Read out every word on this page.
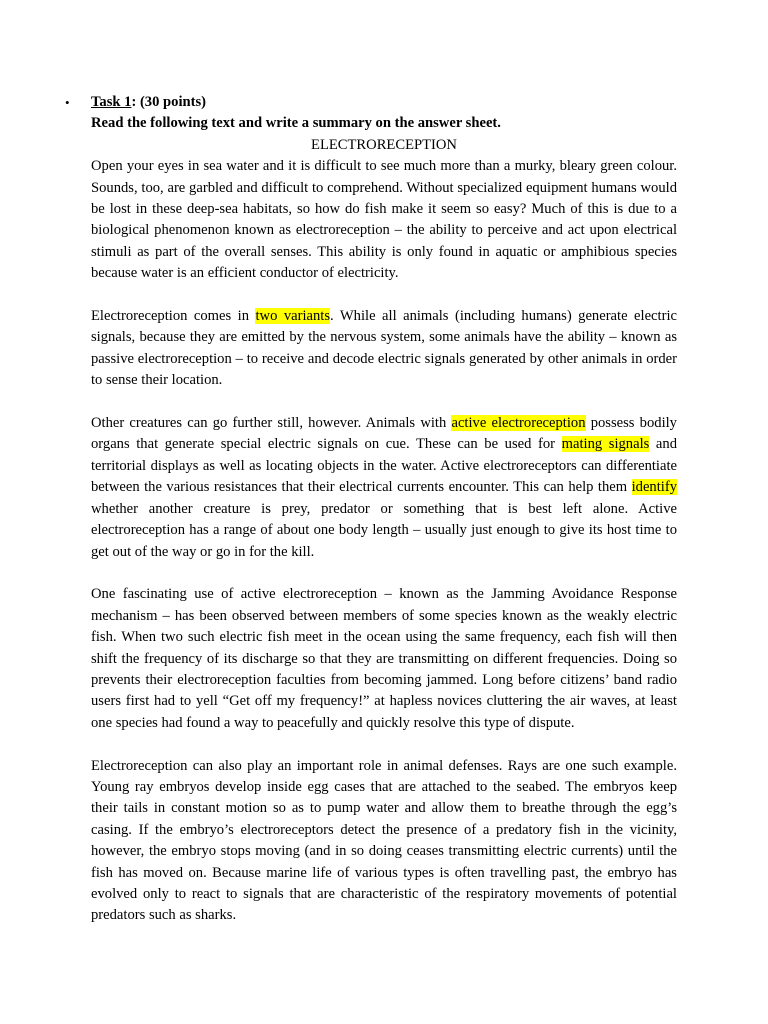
• Task 1: (30 points)

Read the following text and write a summary on the answer sheet.

ELECTRORECEPTION

Open your eyes in sea water and it is difficult to see much more than a murky, bleary green colour. Sounds, too, are garbled and difficult to comprehend. Without specialized equipment humans would be lost in these deep-sea habitats, so how do fish make it seem so easy? Much of this is due to a biological phenomenon known as electroreception – the ability to perceive and act upon electrical stimuli as part of the overall senses. This ability is only found in aquatic or amphibious species because water is an efficient conductor of electricity.

Electroreception comes in two variants. While all animals (including humans) generate electric signals, because they are emitted by the nervous system, some animals have the ability – known as passive electroreception – to receive and decode electric signals generated by other animals in order to sense their location.

Other creatures can go further still, however. Animals with active electroreception possess bodily organs that generate special electric signals on cue. These can be used for mating signals and territorial displays as well as locating objects in the water. Active electroreceptors can differentiate between the various resistances that their electrical currents encounter. This can help them identify whether another creature is prey, predator or something that is best left alone. Active electroreception has a range of about one body length – usually just enough to give its host time to get out of the way or go in for the kill.

One fascinating use of active electroreception – known as the Jamming Avoidance Response mechanism – has been observed between members of some species known as the weakly electric fish. When two such electric fish meet in the ocean using the same frequency, each fish will then shift the frequency of its discharge so that they are transmitting on different frequencies. Doing so prevents their electroreception faculties from becoming jammed. Long before citizens’ band radio users first had to yell “Get off my frequency!” at hapless novices cluttering the air waves, at least one species had found a way to peacefully and quickly resolve this type of dispute.

Electroreception can also play an important role in animal defenses. Rays are one such example. Young ray embryos develop inside egg cases that are attached to the seabed. The embryos keep their tails in constant motion so as to pump water and allow them to breathe through the egg’s casing. If the embryo’s electroreceptors detect the presence of a predatory fish in the vicinity, however, the embryo stops moving (and in so doing ceases transmitting electric currents) until the fish has moved on. Because marine life of various types is often travelling past, the embryo has evolved only to react to signals that are characteristic of the respiratory movements of potential predators such as sharks.
